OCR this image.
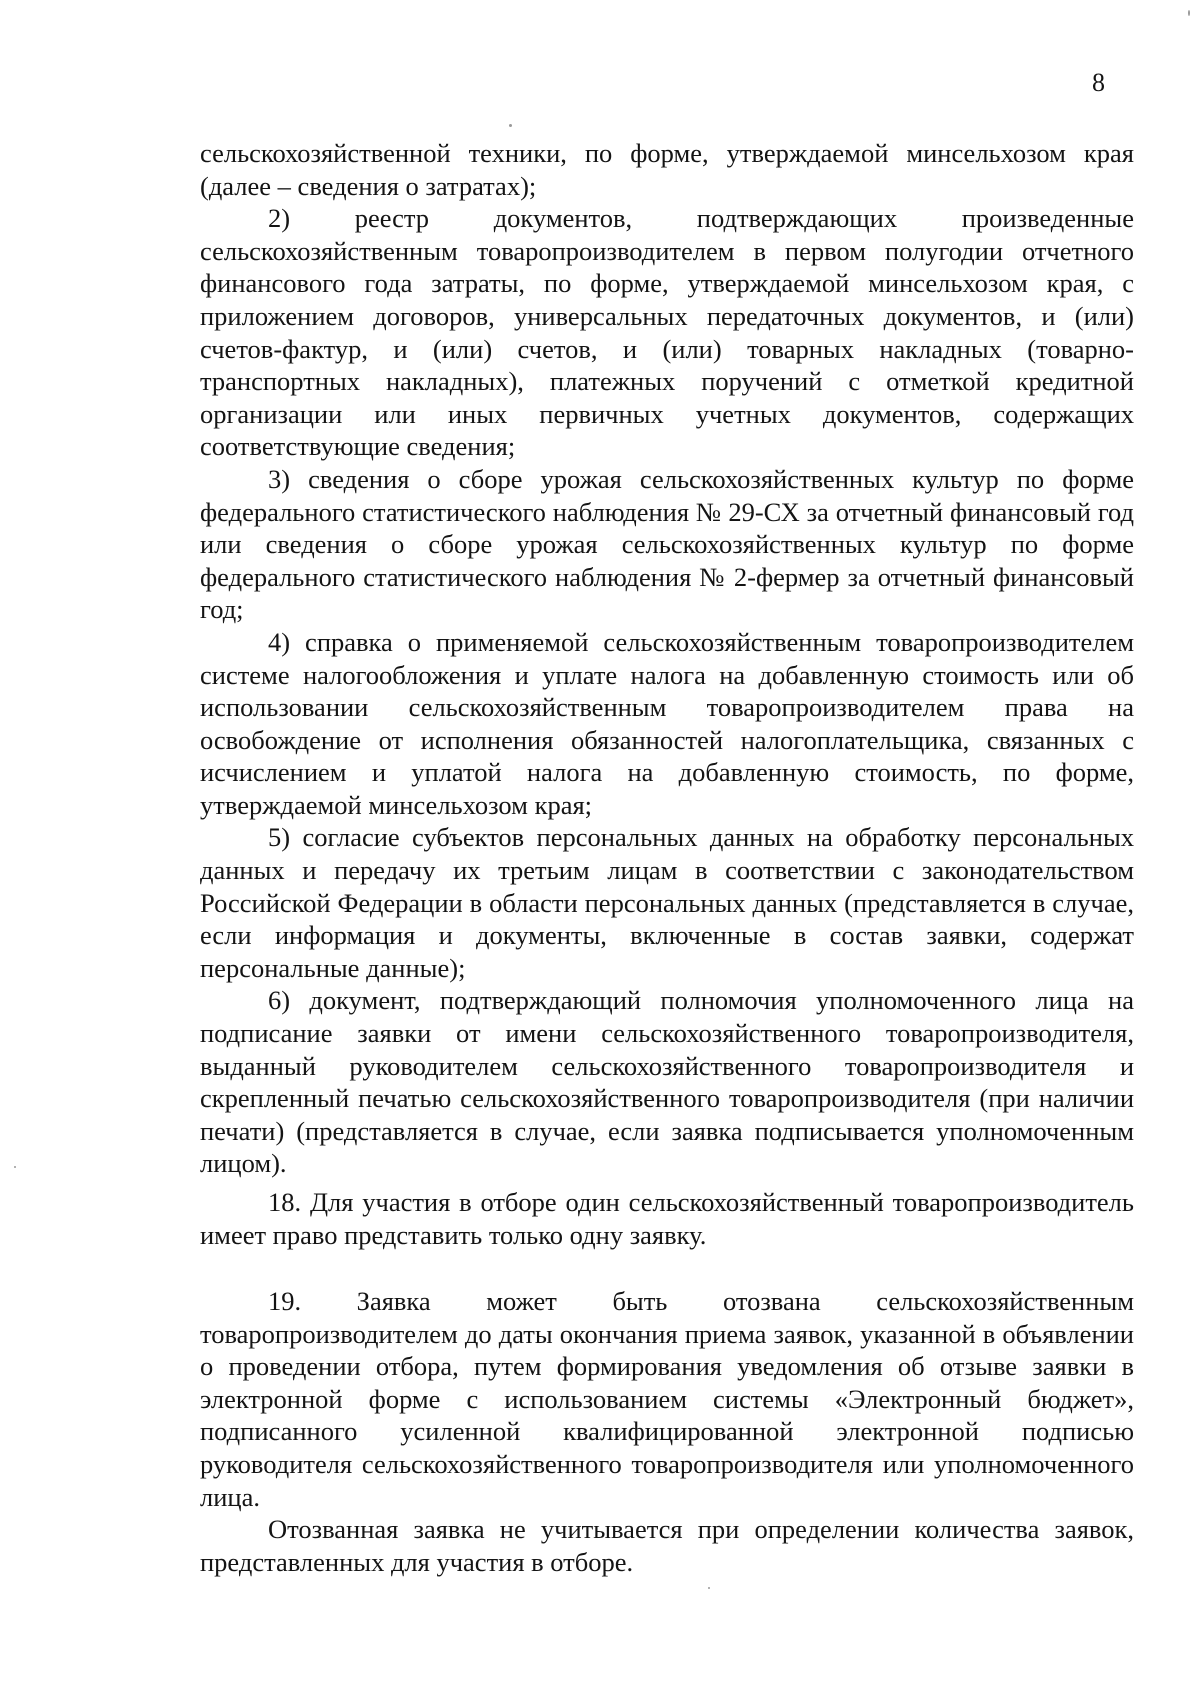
8

сельскохозяйственной техники, по форме, утверждаемой минсельхозом края (далее – сведения о затратах);

2) реестр документов, подтверждающих произведенные сельскохозяйственным товаропроизводителем в первом полугодии отчетного финансового года затраты, по форме, утверждаемой минсельхозом края, с приложением договоров, универсальных передаточных документов, и (или) счетов-фактур, и (или) счетов, и (или) товарных накладных (товарно-транспортных накладных), платежных поручений с отметкой кредитной организации или иных первичных учетных документов, содержащих соответствующие сведения;

3) сведения о сборе урожая сельскохозяйственных культур по форме федерального статистического наблюдения № 29-СХ за отчетный финансовый год или сведения о сборе урожая сельскохозяйственных культур по форме федерального статистического наблюдения № 2-фермер за отчетный финансовый год;

4) справка о применяемой сельскохозяйственным товаропроизводителем системе налогообложения и уплате налога на добавленную стоимость или об использовании сельскохозяйственным товаропроизводителем права на освобождение от исполнения обязанностей налогоплательщика, связанных с исчислением и уплатой налога на добавленную стоимость, по форме, утверждаемой минсельхозом края;

5) согласие субъектов персональных данных на обработку персональных данных и передачу их третьим лицам в соответствии с законодательством Российской Федерации в области персональных данных (представляется в случае, если информация и документы, включенные в состав заявки, содержат персональные данные);

6) документ, подтверждающий полномочия уполномоченного лица на подписание заявки от имени сельскохозяйственного товаропроизводителя, выданный руководителем сельскохозяйственного товаропроизводителя и скрепленный печатью сельскохозяйственного товаропроизводителя (при наличии печати) (представляется в случае, если заявка подписывается уполномоченным лицом).

18. Для участия в отборе один сельскохозяйственный товаропроизводитель имеет право представить только одну заявку.

19. Заявка может быть отозвана сельскохозяйственным товаропроизводителем до даты окончания приема заявок, указанной в объявлении о проведении отбора, путем формирования уведомления об отзыве заявки в электронной форме с использованием системы «Электронный бюджет», подписанного усиленной квалифицированной электронной подписью руководителя сельскохозяйственного товаропроизводителя или уполномоченного лица.

Отозванная заявка не учитывается при определении количества заявок, представленных для участия в отборе.
